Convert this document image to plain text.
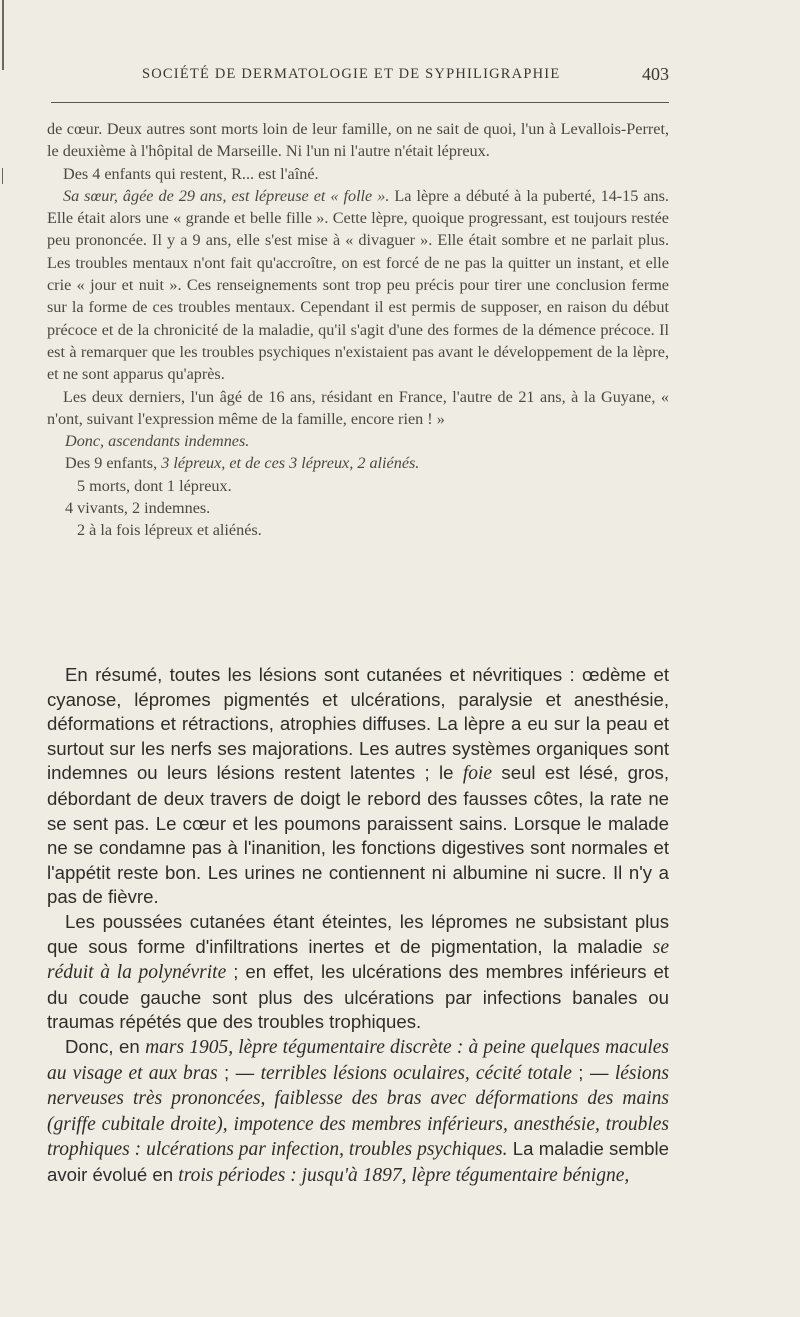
SOCIÉTÉ DE DERMATOLOGIE ET DE SYPHILIGRAPHIE	403

de cœur. Deux autres sont morts loin de leur famille, on ne sait de quoi, l'un à Levallois-Perret, le deuxième à l'hôpital de Marseille. Ni l'un ni l'autre n'était lépreux.

Des 4 enfants qui restent, R... est l'aîné.

Sa sœur, âgée de 29 ans, est lépreuse et « folle ». La lèpre a débuté à la puberté, 14-15 ans. Elle était alors une « grande et belle fille ». Cette lèpre, quoique progressant, est toujours restée peu prononcée. Il y a 9 ans, elle s'est mise à « divaguer ». Elle était sombre et ne parlait plus. Les troubles mentaux n'ont fait qu'accroître, on est forcé de ne pas la quitter un instant, et elle crie « jour et nuit ». Ces renseignements sont trop peu précis pour tirer une conclusion ferme sur la forme de ces troubles mentaux. Cependant il est permis de supposer, en raison du début précoce et de la chronicité de la maladie, qu'il s'agit d'une des formes de la démence précoce. Il est à remarquer que les troubles psychiques n'existaient pas avant le développement de la lèpre, et ne sont apparus qu'après.

Les deux derniers, l'un âgé de 16 ans, résidant en France, l'autre de 21 ans, à la Guyane, « n'ont, suivant l'expression même de la famille, encore rien ! »

Donc, ascendants indemnes.

Des 9 enfants, 3 lépreux, et de ces 3 lépreux, 2 aliénés.

5 morts, dont 1 lépreux.

4 vivants, 2 indemnes.

2 à la fois lépreux et aliénés.

En résumé, toutes les lésions sont cutanées et névritiques : œdème et cyanose, lépromes pigmentés et ulcérations, paralysie et anesthésie, déformations et rétractions, atrophies diffuses. La lèpre a eu sur la peau et surtout sur les nerfs ses majorations. Les autres systèmes organiques sont indemnes ou leurs lésions restent latentes ; le foie seul est lésé, gros, débordant de deux travers de doigt le rebord des fausses côtes, la rate ne se sent pas. Le cœur et les poumons paraissent sains. Lorsque le malade ne se condamne pas à l'inanition, les fonctions digestives sont normales et l'appétit reste bon. Les urines ne contiennent ni albumine ni sucre. Il n'y a pas de fièvre.

Les poussées cutanées étant éteintes, les lépromes ne subsistant plus que sous forme d'infiltrations inertes et de pigmentation, la maladie se réduit à la polynévrite ; en effet, les ulcérations des membres inférieurs et du coude gauche sont plus des ulcérations par infections banales ou traumas répétés que des troubles trophiques.

Donc, en mars 1905, lèpre tégumentaire discrète : à peine quelques macules au visage et aux bras ; — terribles lésions oculaires, cécité totale ; — lésions nerveuses très prononcées, faiblesse des bras avec déformations des mains (griffe cubitale droite), impotence des membres inférieurs, anesthésie, troubles trophiques : ulcérations par infection, troubles psychiques. La maladie semble avoir évolué en trois périodes : jusqu'à 1897, lèpre tégumentaire bénigne,
